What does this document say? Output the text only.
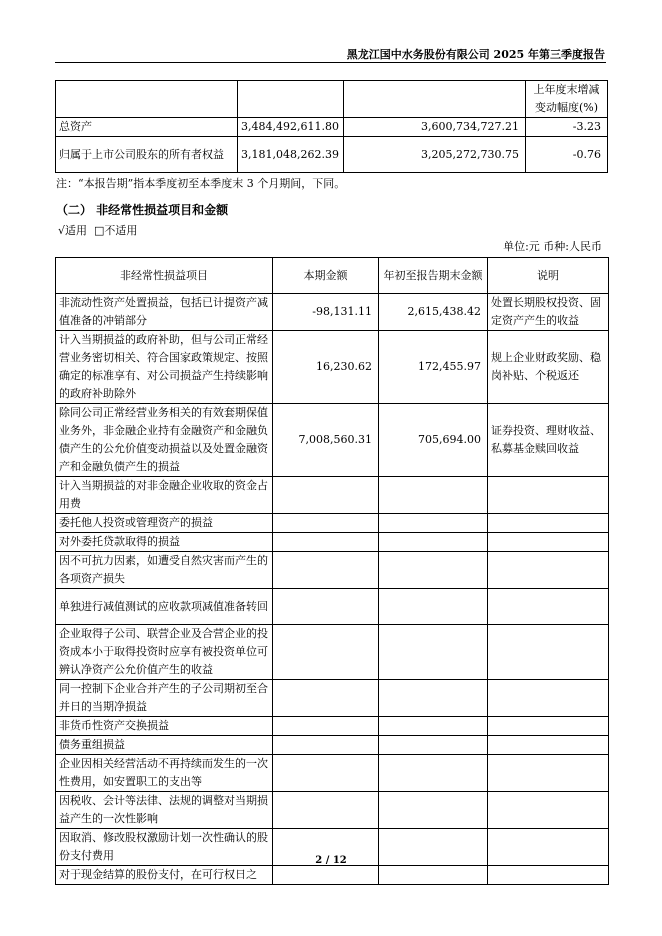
黑龙江国中水务股份有限公司 2025 年第三季度报告
			上年度末增减变动幅度(%)
总资产	3,484,492,611.80	3,600,734,727.21	-3.23
归属于上市公司股东的所有者权益	3,181,048,262.39	3,205,272,730.75	-0.76
注：“本报告期”指本季度初至本季度末 3 个月期间，下同。
（二） 非经常性损益项目和金额
√适用 □不适用
单位:元 币种:人民币
非经常性损益项目	本期金额	年初至报告期末金额	说明
非流动性资产处置损益，包括已计提资产减值准备的冲销部分	-98,131.11	2,615,438.42	处置长期股权投资、固定资产产生的收益
计入当期损益的政府补助，但与公司正常经营业务密切相关、符合国家政策规定、按照确定的标准享有、对公司损益产生持续影响的政府补助除外	16,230.62	172,455.97	规上企业财政奖励、稳岗补贴、个税返还
除同公司正常经营业务相关的有效套期保值业务外，非金融企业持有金融资产和金融负债产生的公允价值变动损益以及处置金融资产和金融负债产生的损益	7,008,560.31	705,694.00	证券投资、理财收益、私募基金赎回收益
计入当期损益的对非金融企业收取的资金占用费			
委托他人投资或管理资产的损益			
对外委托贷款取得的损益			
因不可抗力因素，如遭受自然灾害而产生的各项资产损失			
单独进行减值测试的应收款项减值准备转回			
企业取得子公司、联营企业及合营企业的投资成本小于取得投资时应享有被投资单位可辨认净资产公允价值产生的收益			
同一控制下企业合并产生的子公司期初至合并日的当期净损益			
非货币性资产交换损益			
债务重组损益			
企业因相关经营活动不再持续而发生的一次性费用，如安置职工的支出等			
因税收、会计等法律、法规的调整对当期损益产生的一次性影响			
因取消、修改股权激励计划一次性确认的股份支付费用			
对于现金结算的股份支付，在可行权日之			
2 / 12
